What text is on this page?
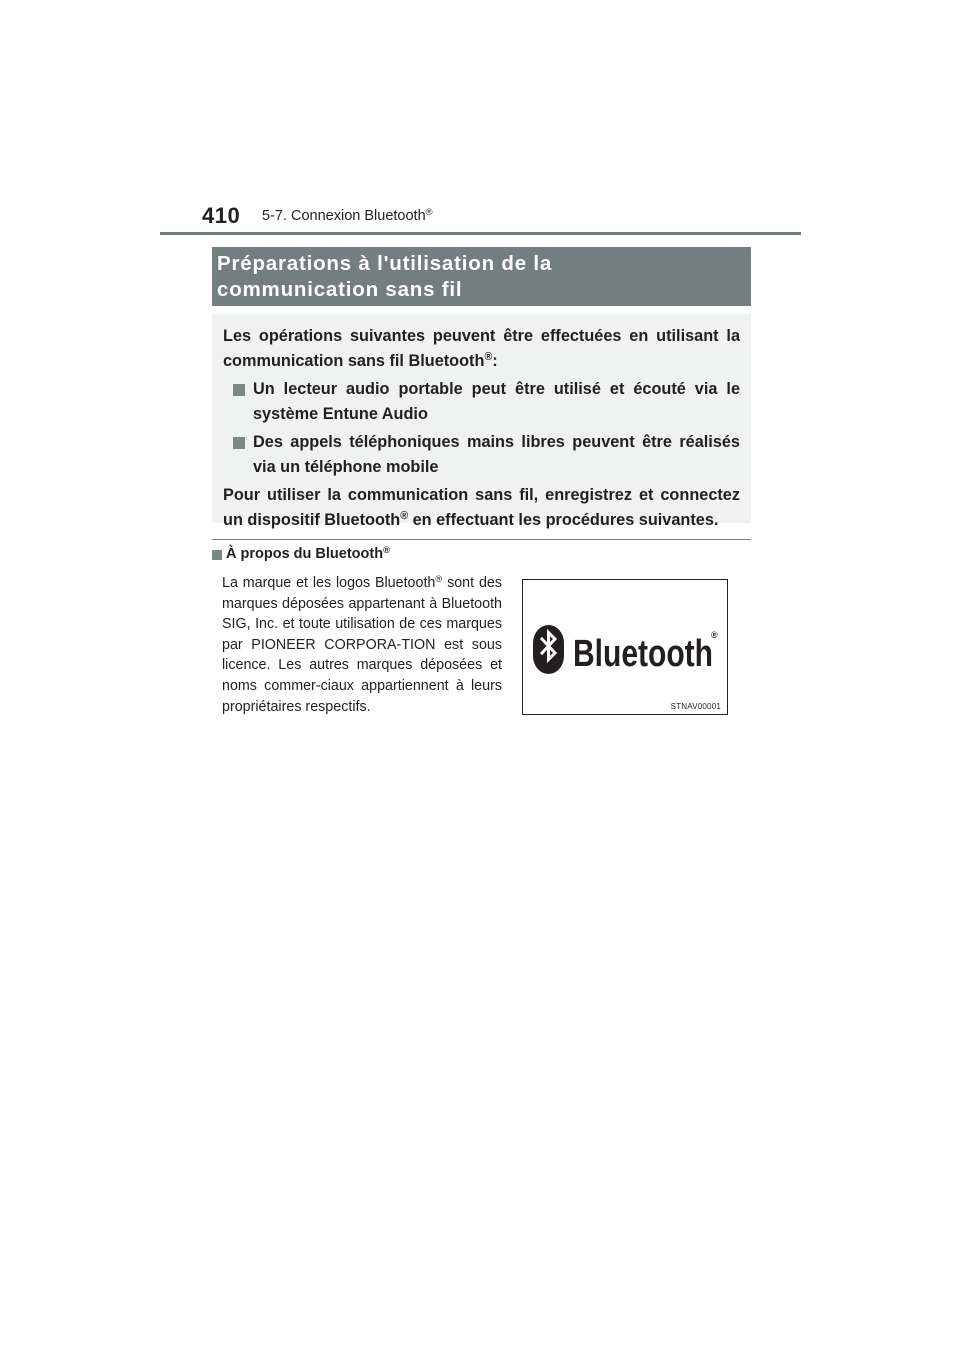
410 5-7. Connexion Bluetooth®
Préparations à l'utilisation de la
communication sans fil

Les opérations suivantes peuvent être effectuées en utilisant la communication sans fil Bluetooth®:

Un lecteur audio portable peut être utilisé et écouté via le système Entune Audio
Des appels téléphoniques mains libres peuvent être réalisés via un téléphone mobile

Pour utiliser la communication sans fil, enregistrez et connectez un dispositif Bluetooth® en effectuant les procédures suivantes.

À propos du Bluetooth®
La marque et les logos Bluetooth® sont des marques déposées appartenant à Bluetooth SIG, Inc. et toute utilisation de ces marques par PIONEER CORPORA-TION est sous licence. Les autres marques déposées et noms commer-ciaux appartiennent à leurs propriétaires respectifs.
Bluetooth
®
STNAV00001
